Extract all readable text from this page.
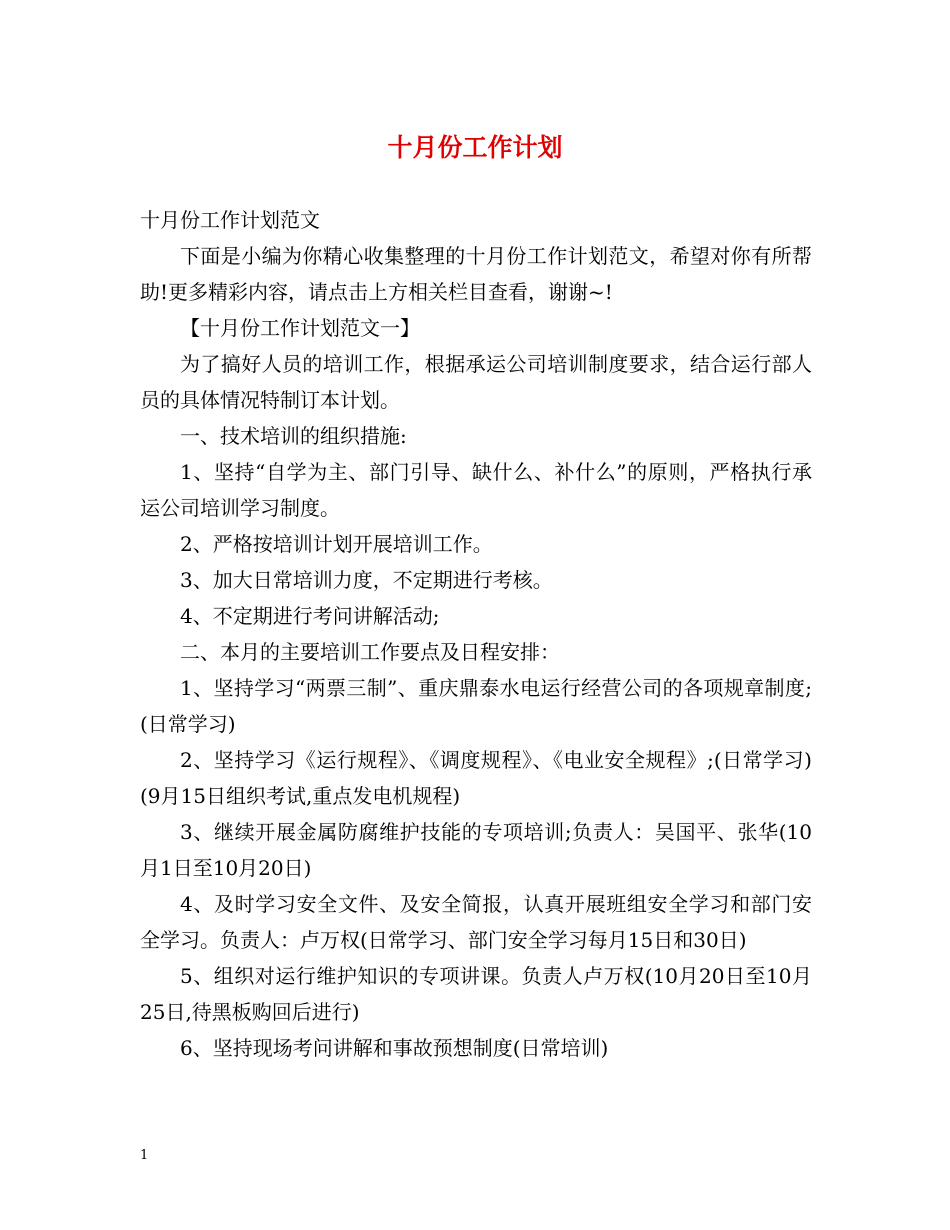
十月份工作计划

十月份工作计划范文

下面是小编为你精心收集整理的十月份工作计划范文，希望对你有所帮助!更多精彩内容，请点击上方相关栏目查看，谢谢~!

【十月份工作计划范文一】

为了搞好人员的培训工作，根据承运公司培训制度要求，结合运行部人员的具体情况特制订本计划。

一、技术培训的组织措施:

1、坚持“自学为主、部门引导、缺什么、补什么”的原则，严格执行承运公司培训学习制度。

2、严格按培训计划开展培训工作。

3、加大日常培训力度，不定期进行考核。

4、不定期进行考问讲解活动;

二、本月的主要培训工作要点及日程安排：

1、坚持学习“两票三制”、重庆鼎泰水电运行经营公司的各项规章制度;(日常学习)

2、坚持学习《运行规程》、《调度规程》、《电业安全规程》;(日常学习)(9月15日组织考试,重点发电机规程)

3、继续开展金属防腐维护技能的专项培训;负责人：吴国平、张华(10月1日至10月20日)

4、及时学习安全文件、及安全简报，认真开展班组安全学习和部门安全学习。负责人：卢万权(日常学习、部门安全学习每月15日和30日)

5、组织对运行维护知识的专项讲课。负责人卢万权(10月20日至10月25日,待黑板购回后进行)

6、坚持现场考问讲解和事故预想制度(日常培训)

1
